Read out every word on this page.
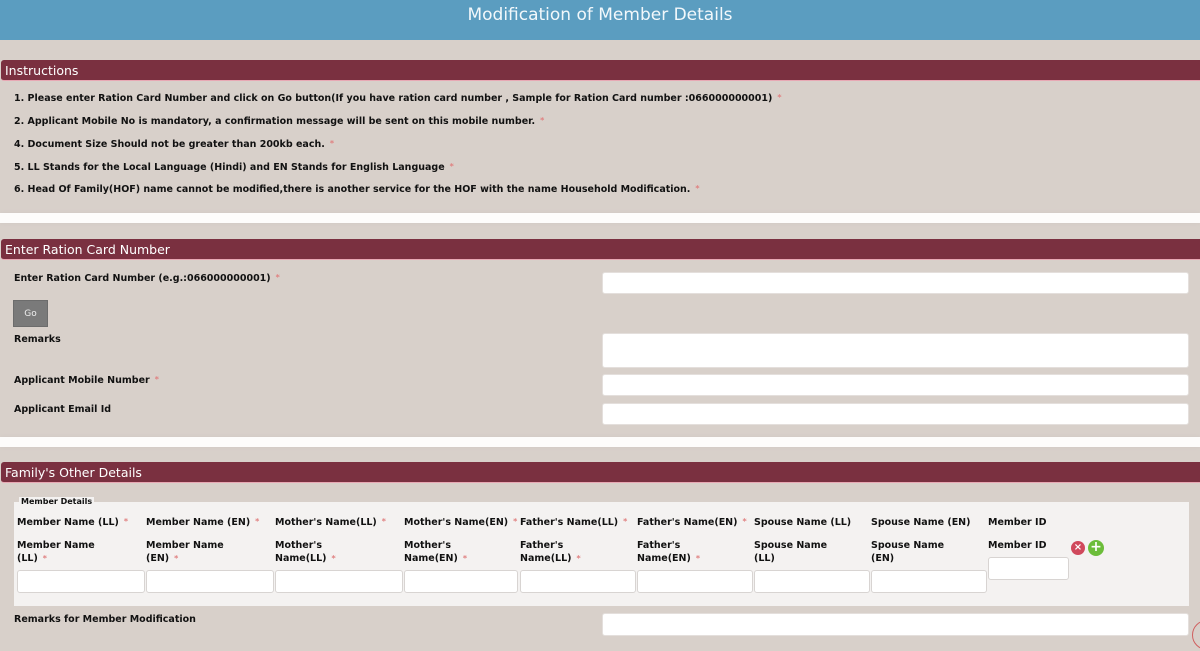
Modification of Member Details
Instructions
1. Please enter Ration Card Number and click on Go button(If you have ration card number , Sample for Ration Card number :066000000001) *
2. Applicant Mobile No is mandatory, a confirmation message will be sent on this mobile number. *
4. Document Size Should not be greater than 200kb each. *
5. LL Stands for the Local Language (Hindi) and EN Stands for English Language *
6. Head Of Family(HOF) name cannot be modified,there is another service for the HOF with the name Household Modification. *
Enter Ration Card Number
Enter Ration Card Number (e.g.:066000000001) *
Go
Remarks
Applicant Mobile Number *
Applicant Email Id
Family's Other Details
Member Details
Member Name (LL) *
Member Name (LL) *
Member Name (EN) *
Member Name (EN) *
Mother's Name(LL) *
Mother's Name(LL) *
Mother's Name(EN) *
Mother's Name(EN) *
Father's Name(LL) *
Father's Name(LL) *
Father's Name(EN) *
Father's Name(EN) *
Spouse Name (LL)
Spouse Name (LL)
Spouse Name (EN)
Spouse Name (EN)
Member ID
Member ID	× +
Remarks for Member Modification
